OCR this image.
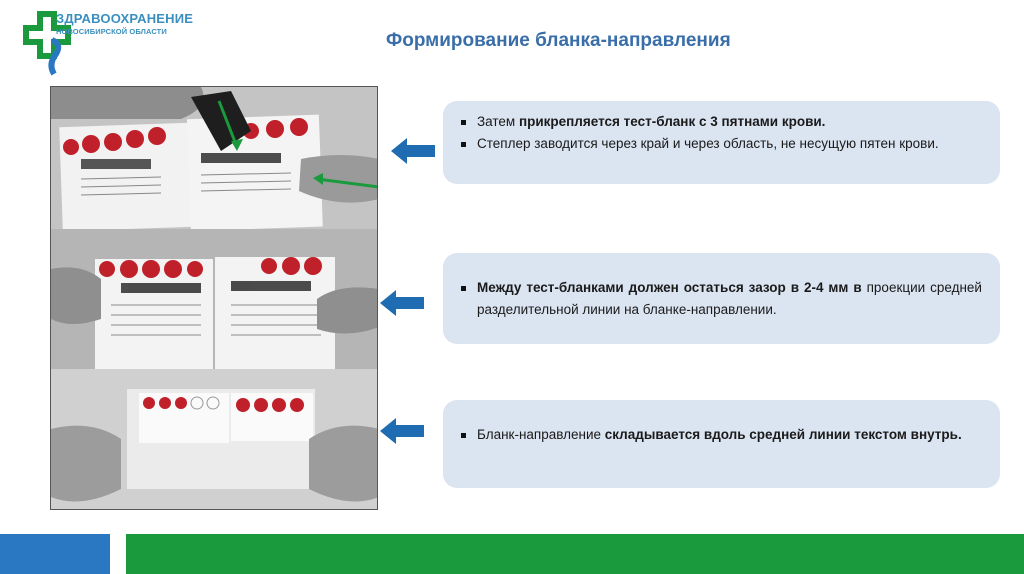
ЗДРАВООХРАНЕНИЕ
НОВОСИБИРСКОЙ ОБЛАСТИ	Формирование бланка-направления
Затем прикрепляется тест-бланк с 3 пятнами крови.
Степлер заводится через край и через область, не несущую пятен крови.
Между тест-бланками должен остаться зазор в 2-4 мм в проекции средней разделительной линии на бланке-направлении.
Бланк-направление складывается вдоль средней линии текстом внутрь.
